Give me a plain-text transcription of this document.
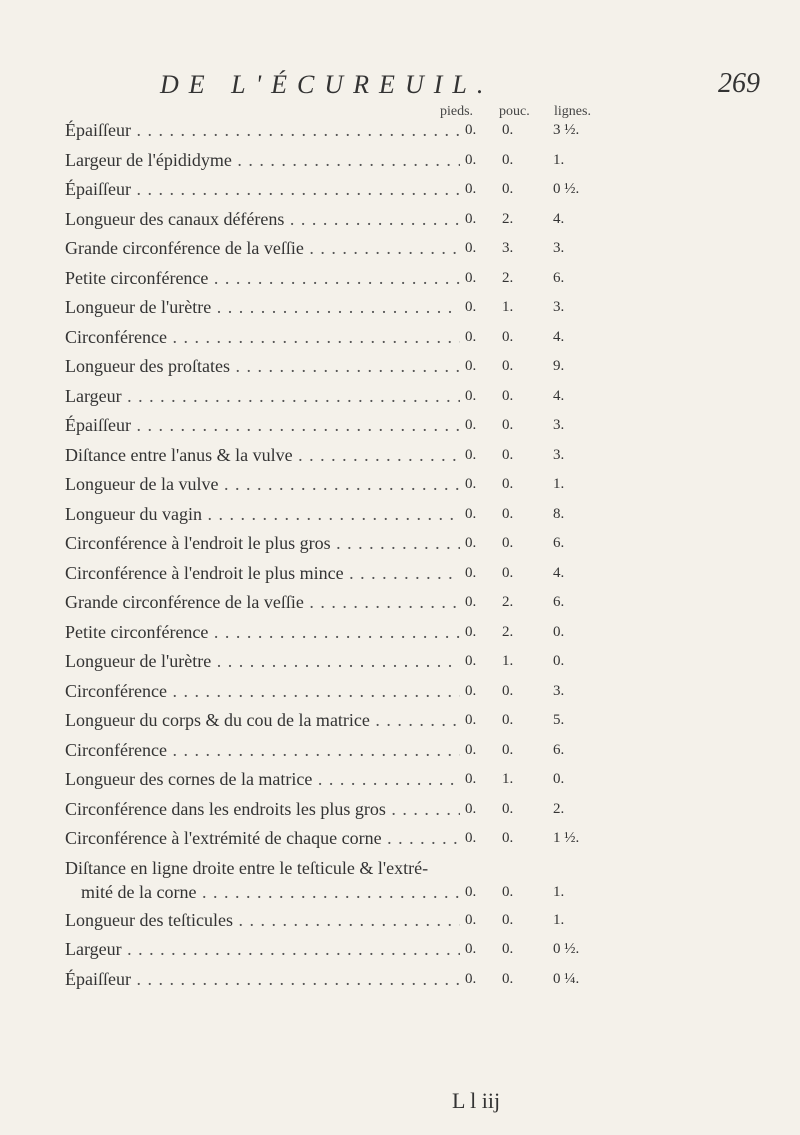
DE L'ÉCUREUIL.	269
pieds. pouc. lignes.
Épaiſſeur . . .	0. 0.	3 ½.
Largeur de l'épididyme . . .	0. 0.	1.
Épaiſſeur . . .	0. 0.	0 ½.
Longueur des canaux déférens . . .	0. 2.	4.
Grande circonférence de la veſſie . . .	0. 3.	3.
Petite circonférence . . .	0. 2.	6.
Longueur de l'urètre . . .	0. 1.	3.
Circonférence . . .	0. 0.	4.
Longueur des proſtates . . .	0. 0.	9.
Largeur . . .	0. 0.	4.
Épaiſſeur . . .	0. 0.	3.
Diſtance entre l'anus & la vulve . . .	0. 0.	3.
Longueur de la vulve . . .	0. 0.	1.
Longueur du vagin . . .	0. 0.	8.
Circonférence à l'endroit le plus gros . . .	0. 0.	6.
Circonférence à l'endroit le plus mince . . .	0. 0.	4.
Grande circonférence de la veſſie . . .	0. 2.	6.
Petite circonférence . . .	0. 2.	0.
Longueur de l'urètre . . .	0. 1.	0.
Circonférence . . .	0. 0.	3.
Longueur du corps & du cou de la matrice . . .	0. 0.	5.
Circonférence . . .	0. 0.	6.
Longueur des cornes de la matrice . . .	0. 1.	0.
Circonférence dans les endroits les plus gros . . .	0. 0.	2.
Circonférence à l'extrémité de chaque corne . . .	0. 0.	1 ½.
Diſtance en ligne droite entre le teſticule & l'extré-
mité de la corne . . .	0. 0.	1.
Longueur des teſticules . . .	0. 0.	1.
Largeur . . .	0. 0.	0 ½.
Épaiſſeur . . .	0. 0.	0 ¼.
L l iij
